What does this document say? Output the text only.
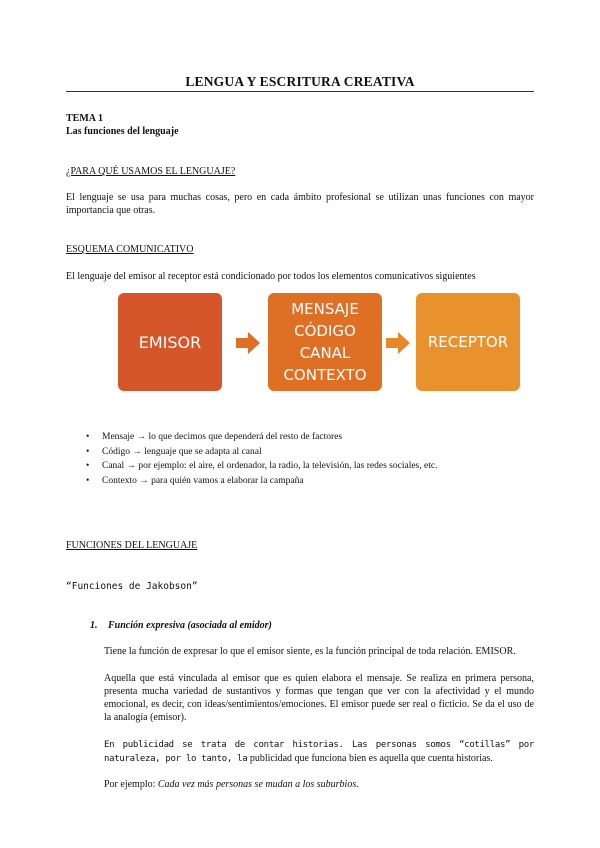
LENGUA Y ESCRITURA CREATIVA
TEMA 1
Las funciones del lenguaje
¿PARA QUÉ USAMOS EL LENGUAJE?
El lenguaje se usa para muchas cosas, pero en cada ámbito profesional se utilizan unas funciones con mayor importancia que otras.
ESQUEMA COMUNICATIVO
El lenguaje del emisor al receptor está condicionado por todos los elementos comunicativos siguientes
EMISOR
MENSAJE
CÓDIGO
CANAL
CONTEXTO
RECEPTOR
• Mensaje → lo que decimos que dependerá del resto de factores
• Código → lenguaje que se adapta al canal
• Canal → por ejemplo: el aire, el ordenador, la radio, la televisión, las redes sociales, etc.
• Contexto → para quién vamos a elaborar la campaña
FUNCIONES DEL LENGUAJE
“Funciones de Jakobson”
1. Función expresiva (asociada al emidor)
Tiene la función de expresar lo que el emisor siente, es la función principal de toda relación. EMISOR.
Aquella que está vinculada al emisor que es quien elabora el mensaje. Se realiza en primera persona, presenta mucha variedad de sustantivos y formas que tengan que ver con la afectividad y el mundo emocional, es decir, con ideas/sentimientos/emociones. El emisor puede ser real o ficticio. Se da el uso de la analogía (emisor).
En publicidad se trata de contar historias. Las personas somos “cotillas” por naturaleza, por lo tanto, la publicidad que funciona bien es aquella que cuenta historias.
Por ejemplo: Cada vez más personas se mudan a los suburbios.
